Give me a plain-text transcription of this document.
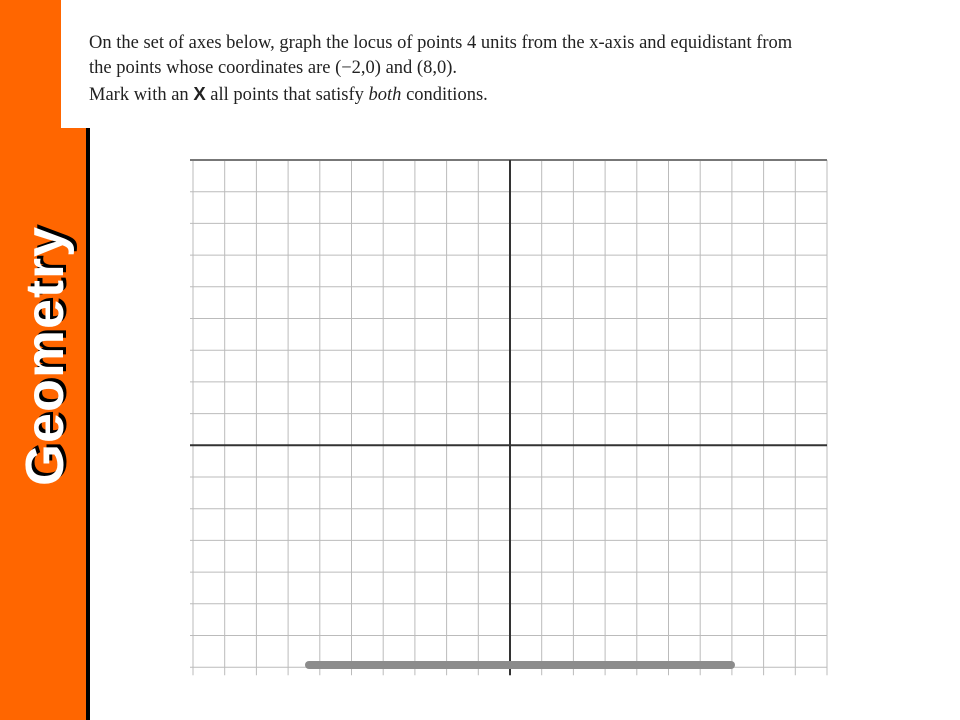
Geometry

On the set of axes below, graph the locus of points 4 units from the x-axis and equidistant from

the points whose coordinates are (−2,0) and (8,0).

Mark with an X all points that satisfy both conditions.
